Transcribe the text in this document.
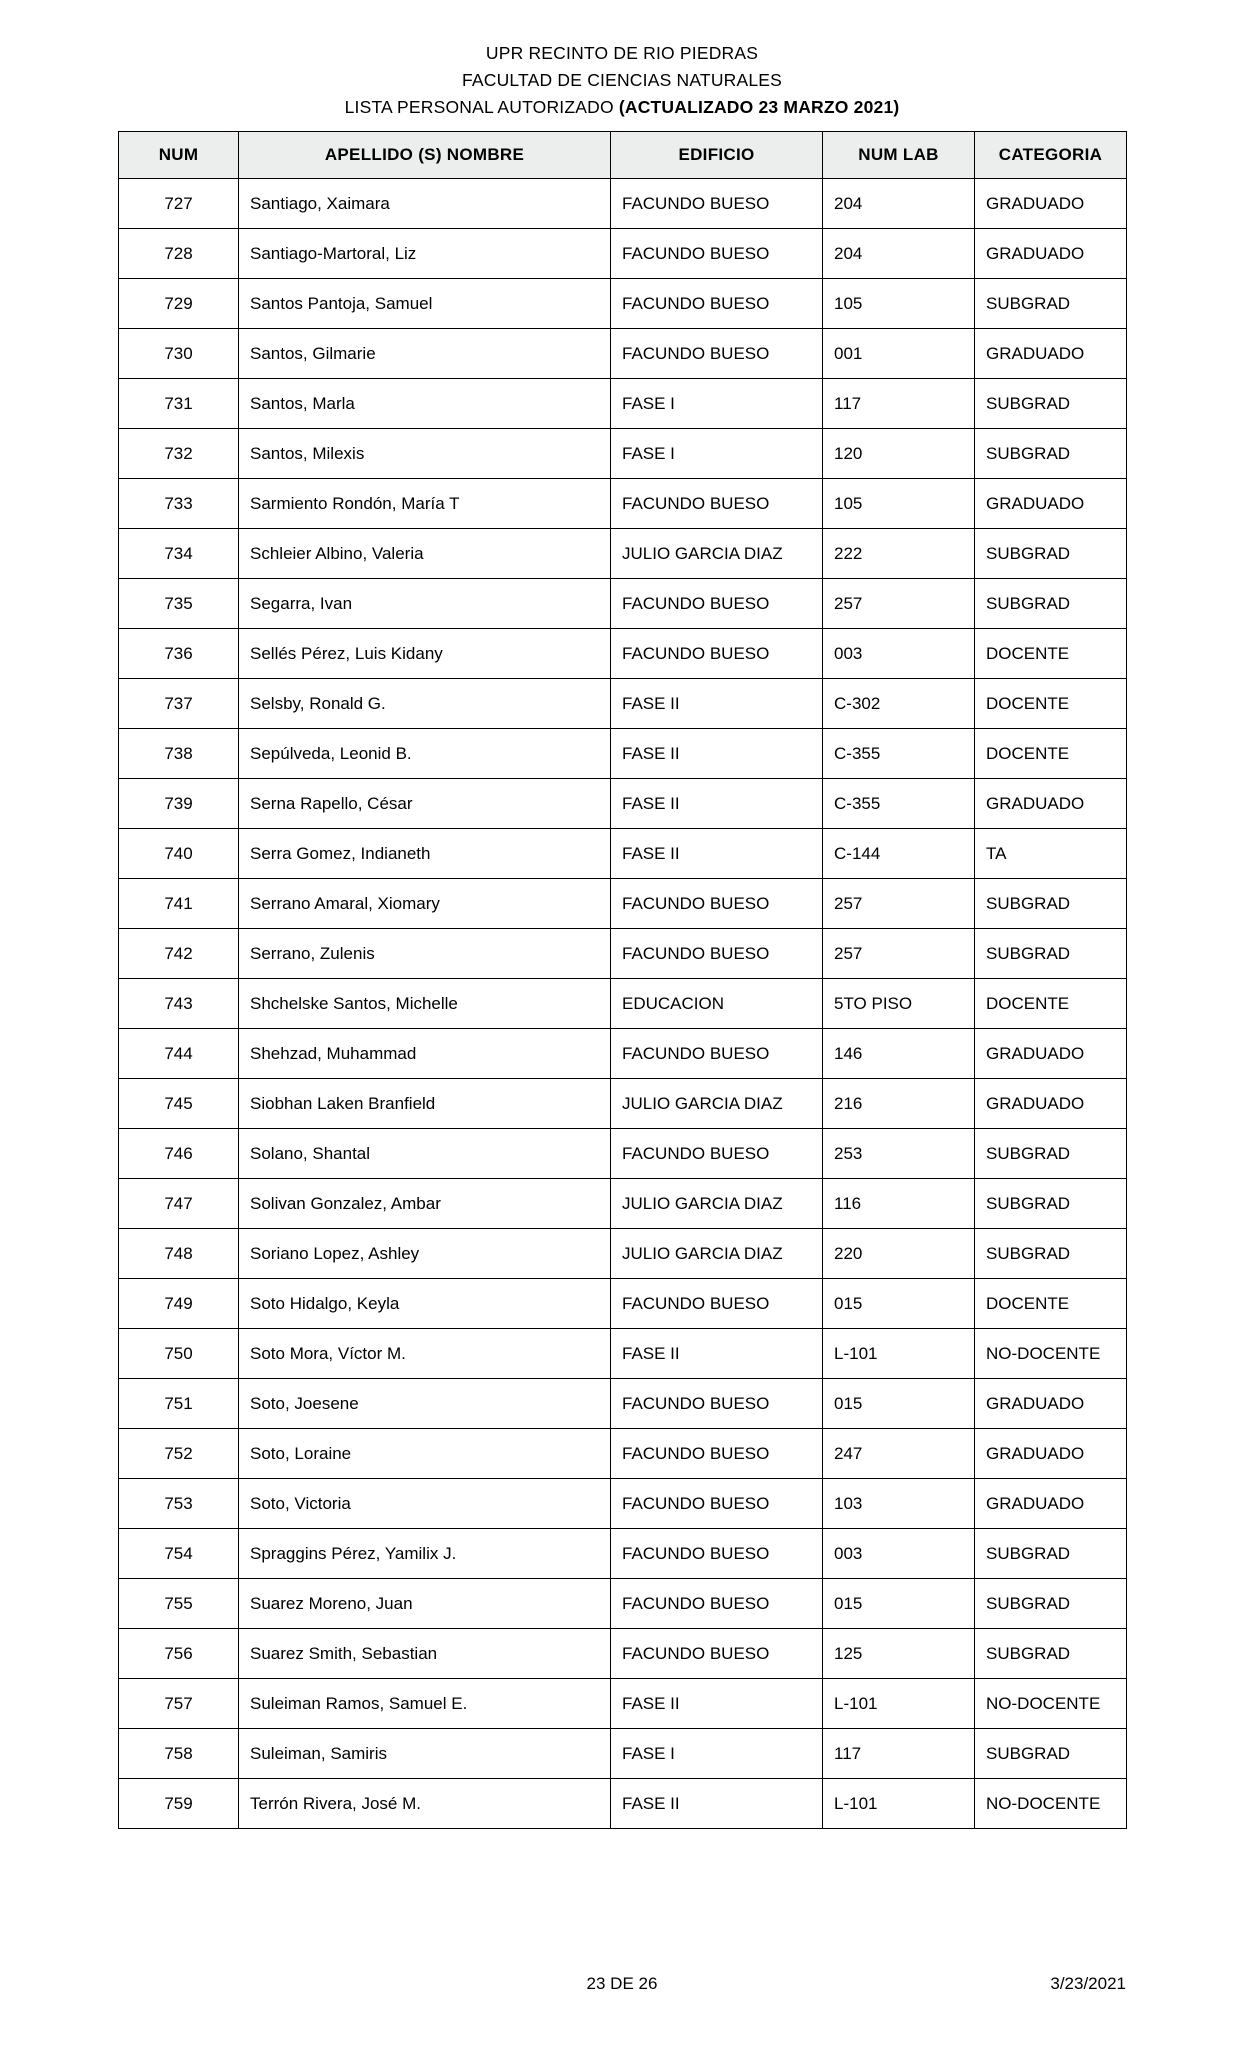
UPR RECINTO DE RIO PIEDRAS
FACULTAD DE CIENCIAS NATURALES
LISTA PERSONAL AUTORIZADO (ACTUALIZADO 23 MARZO 2021)
NUM	APELLIDO (S) NOMBRE	EDIFICIO	NUM LAB	CATEGORIA
727	Santiago, Xaimara	FACUNDO BUESO	204	GRADUADO
728	Santiago-Martoral, Liz	FACUNDO BUESO	204	GRADUADO
729	Santos Pantoja, Samuel	FACUNDO BUESO	105	SUBGRAD
730	Santos, Gilmarie	FACUNDO BUESO	001	GRADUADO
731	Santos, Marla	FASE I	117	SUBGRAD
732	Santos, Milexis	FASE I	120	SUBGRAD
733	Sarmiento Rondón, María T	FACUNDO BUESO	105	GRADUADO
734	Schleier Albino, Valeria	JULIO GARCIA DIAZ	222	SUBGRAD
735	Segarra, Ivan	FACUNDO BUESO	257	SUBGRAD
736	Sellés Pérez, Luis Kidany	FACUNDO BUESO	003	DOCENTE
737	Selsby, Ronald G.	FASE II	C-302	DOCENTE
738	Sepúlveda, Leonid B.	FASE II	C-355	DOCENTE
739	Serna Rapello, César	FASE II	C-355	GRADUADO
740	Serra Gomez, Indianeth	FASE II	C-144	TA
741	Serrano Amaral, Xiomary	FACUNDO BUESO	257	SUBGRAD
742	Serrano, Zulenis	FACUNDO BUESO	257	SUBGRAD
743	Shchelske Santos, Michelle	EDUCACION	5TO PISO	DOCENTE
744	Shehzad, Muhammad	FACUNDO BUESO	146	GRADUADO
745	Siobhan Laken Branfield	JULIO GARCIA DIAZ	216	GRADUADO
746	Solano, Shantal	FACUNDO BUESO	253	SUBGRAD
747	Solivan Gonzalez, Ambar	JULIO GARCIA DIAZ	116	SUBGRAD
748	Soriano Lopez, Ashley	JULIO GARCIA DIAZ	220	SUBGRAD
749	Soto Hidalgo, Keyla	FACUNDO BUESO	015	DOCENTE
750	Soto Mora, Víctor M.	FASE II	L-101	NO-DOCENTE
751	Soto, Joesene	FACUNDO BUESO	015	GRADUADO
752	Soto, Loraine	FACUNDO BUESO	247	GRADUADO
753	Soto, Victoria	FACUNDO BUESO	103	GRADUADO
754	Spraggins Pérez, Yamilix J.	FACUNDO BUESO	003	SUBGRAD
755	Suarez Moreno, Juan	FACUNDO BUESO	015	SUBGRAD
756	Suarez Smith, Sebastian	FACUNDO BUESO	125	SUBGRAD
757	Suleiman Ramos, Samuel E.	FASE II	L-101	NO-DOCENTE
758	Suleiman, Samiris	FASE I	117	SUBGRAD
759	Terrón Rivera, José M.	FASE II	L-101	NO-DOCENTE
23 DE 26	3/23/2021
